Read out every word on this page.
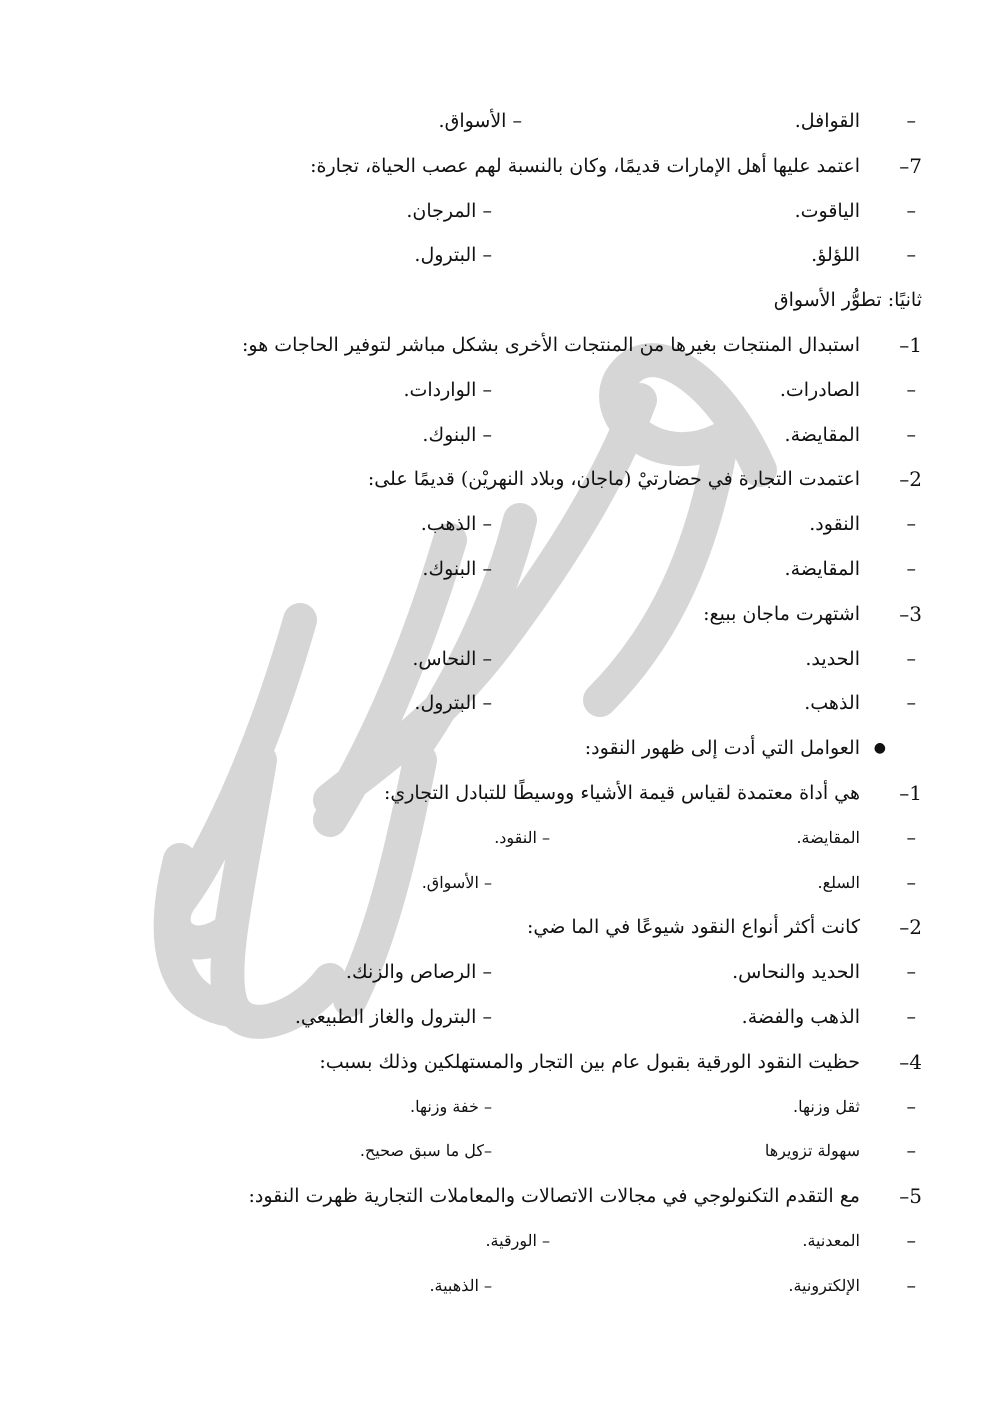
–
القوافل.
– الأسواق.
7–
اعتمد عليها أهل الإمارات قديمًا، وكان بالنسبة لهم عصب الحياة، تجارة:
–
الياقوت.
– المرجان.
–
اللؤلؤ.
– البترول.
ثانيًا: تطوُّر الأسواق
1–
استبدال المنتجات بغيرها من المنتجات الأخرى بشكل مباشر لتوفير الحاجات هو:
–
الصادرات.
– الواردات.
–
المقايضة.
– البنوك.
2–
اعتمدت التجارة في حضارتيْ (ماجان، وبلاد النهريْن) قديمًا على:
–
النقود.
– الذهب.
–
المقايضة.
– البنوك.
3–
اشتهرت ماجان ببيع:
–
الحديد.
– النحاس.
–
الذهب.
– البترول.
●
العوامل التي أدت إلى ظهور النقود:
1–
هي أداة معتمدة لقياس قيمة الأشياء ووسيطًا للتبادل التجاري:
–
المقايضة.
– النقود.
–
السلع.
– الأسواق.
2–
كانت أكثر أنواع النقود شيوعًا في الما ضي:
–
الحديد والنحاس.
– الرصاص والزنك.
–
الذهب والفضة.
– البترول والغاز الطبيعي.
4–
حظيت النقود الورقية بقبول عام بين التجار والمستهلكين وذلك بسبب:
–
ثقل وزنها.
– خفة وزنها.
–
سهولة تزويرها
–كل ما سبق صحيح.
5–
مع التقدم التكنولوجي في مجالات الاتصالات والمعاملات التجارية ظهرت النقود:
–
المعدنية.
– الورقية.
–
الإلكترونية.
– الذهبية.
